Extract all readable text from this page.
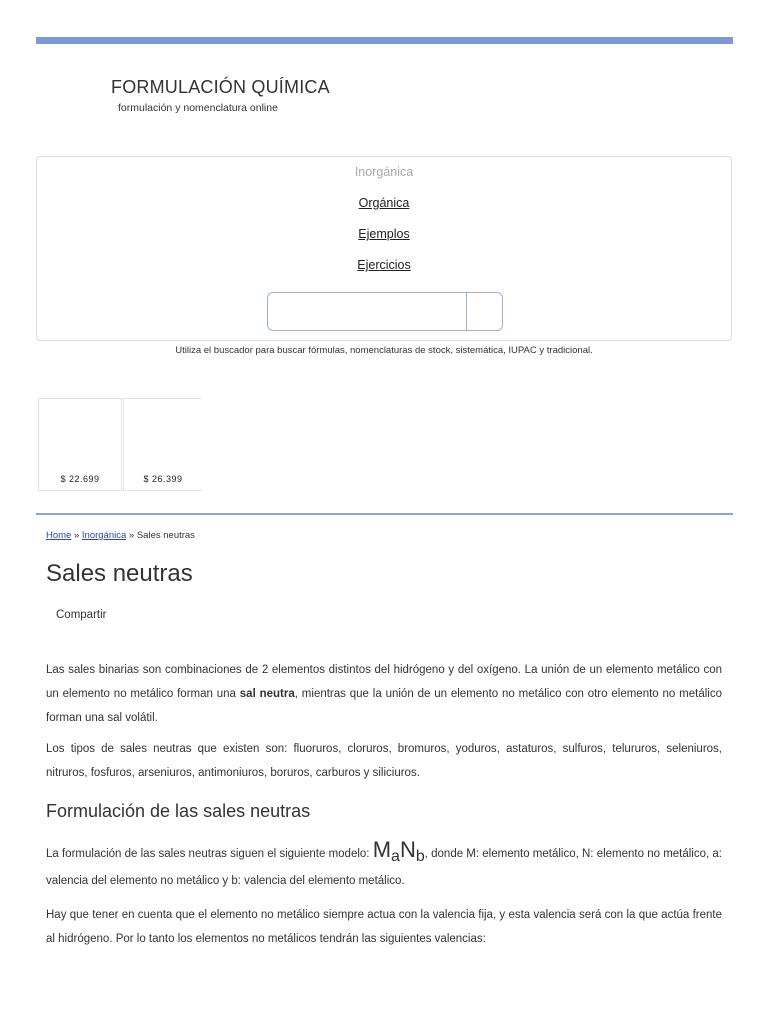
FORMULACIÓN QUÍMICA
formulación y nomenclatura online
Inorgánica
Orgánica
Ejemplos
Ejercicios
Utiliza el buscador para buscar fórmulas, nomenclaturas de stock, sistemática, IUPAC y tradicional.
$ 22.699	$ 26.399
Home » Inorgánica » Sales neutras
Sales neutras
Compartir
Las sales binarias son combinaciones de 2 elementos distintos del hidrógeno y del oxígeno. La unión de un elemento metálico con un elemento no metálico forman una sal neutra, mientras que la unión de un elemento no metálico con otro elemento no metálico forman una sal volátil.
Los tipos de sales neutras que existen son: fluoruros, cloruros, bromuros, yoduros, astaturos, sulfuros, telururos, seleniuros, nitruros, fosfuros, arseniuros, antimoniuros, boruros, carburos y siliciuros.
Formulación de las sales neutras
La formulación de las sales neutras siguen el siguiente modelo: $M_aN_b$, donde M: elemento metálico, N: elemento no metálico, a: valencia del elemento no metálico y b: valencia del elemento metálico.
Hay que tener en cuenta que el elemento no metálico siempre actua con la valencia fija, y esta valencia será con la que actúa frente al hidrógeno. Por lo tanto los elementos no metálicos tendrán las siguientes valencias:
